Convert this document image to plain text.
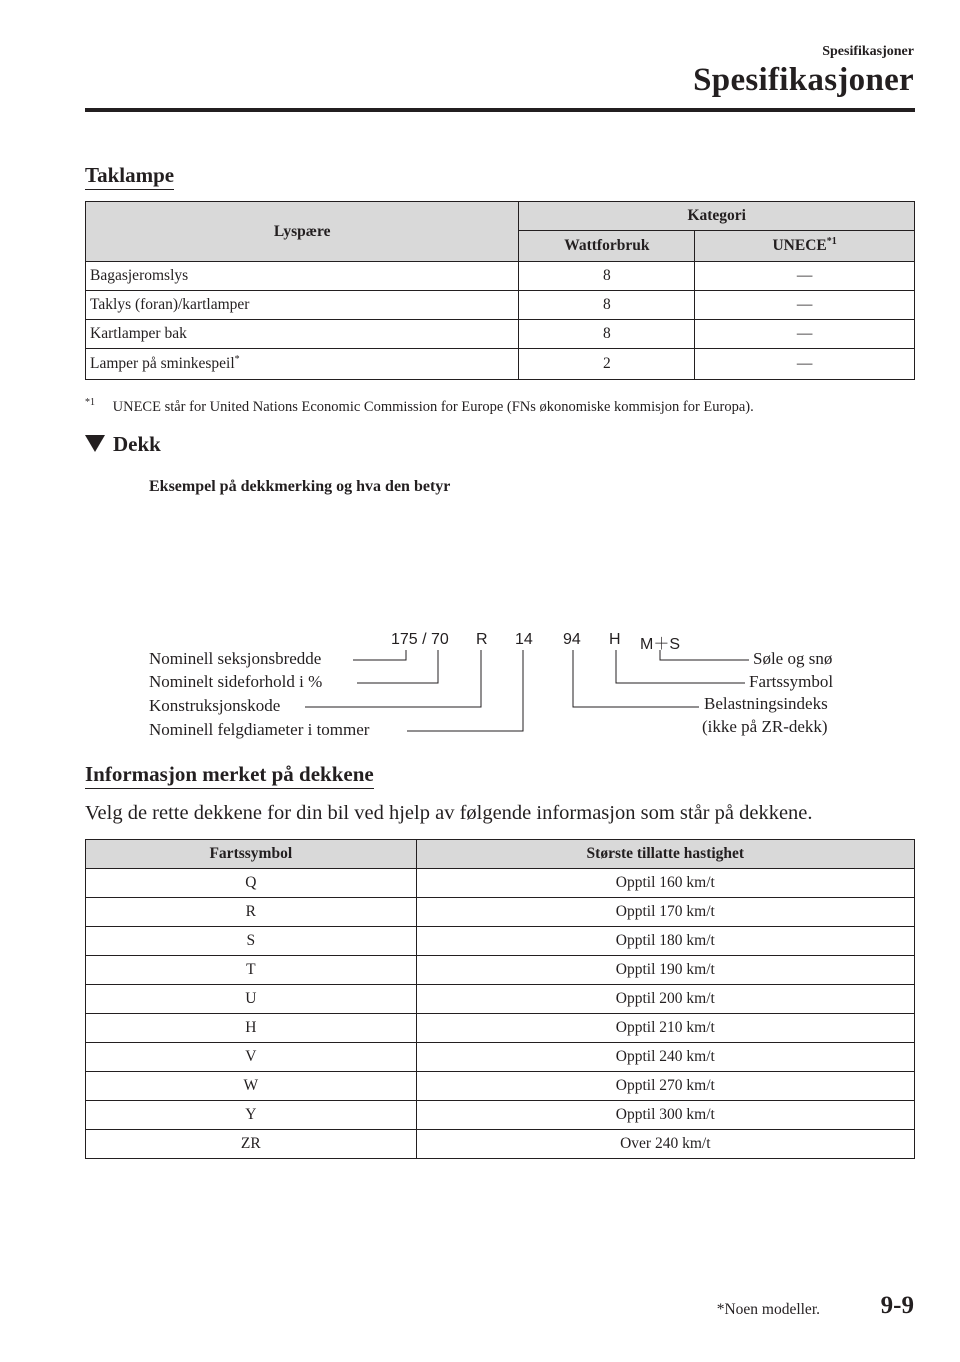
Spesifikasjoner
Spesifikasjoner
Taklampe
Lyspære	Kategori	
	Wattforbruk	UNECE$^{*1}$
Bagasjeromslys	8	—
Taklys (foran)/kartlamper	8	—
Kartlamper bak	8	—
Lamper på sminkespeil*	2	—
$^{*1}$ UNECE står for United Nations Economic Commission for Europe (FNs økonomiske kommisjon for Europa).
Dekk
Eksempel på dekkmerking og hva den betyr
175 / 70 R 14 94 H M＋S
Nominell seksjonsbredde
Nominelt sideforhold i %
Konstruksjonskode
Nominell felgdiameter i tommer
Søle og snø
Fartssymbol
Belastningsindeks
(ikke på ZR-dekk)
Informasjon merket på dekkene
Velg de rette dekkene for din bil ved hjelp av følgende informasjon som står på dekkene.
Fartssymbol	Største tillatte hastighet
Q	Opptil 160 km/t
R	Opptil 170 km/t
S	Opptil 180 km/t
T	Opptil 190 km/t
U	Opptil 200 km/t
H	Opptil 210 km/t
V	Opptil 240 km/t
W	Opptil 270 km/t
Y	Opptil 300 km/t
ZR	Over 240 km/t
*Noen modeller. 9-9
